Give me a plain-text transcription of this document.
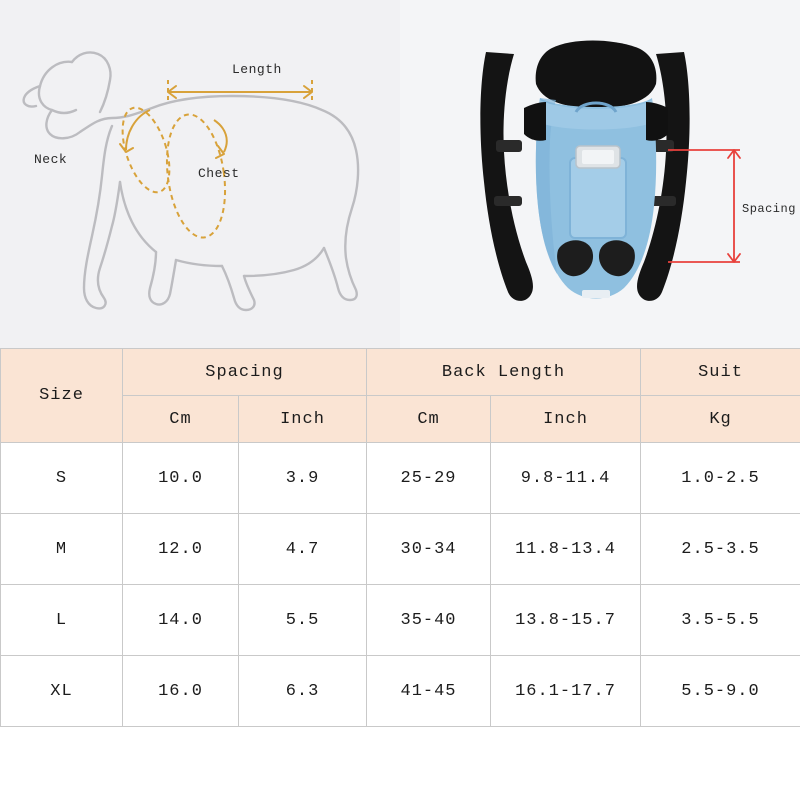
Length
Neck
Chest
Spacing
Size	Spacing		Back Length		Suit
	Cm	Inch	Cm	Inch	Kg
S	10.0	3.9	25-29	9.8-11.4	1.0-2.5
M	12.0	4.7	30-34	11.8-13.4	2.5-3.5
L	14.0	5.5	35-40	13.8-15.7	3.5-5.5
XL	16.0	6.3	41-45	16.1-17.7	5.5-9.0
